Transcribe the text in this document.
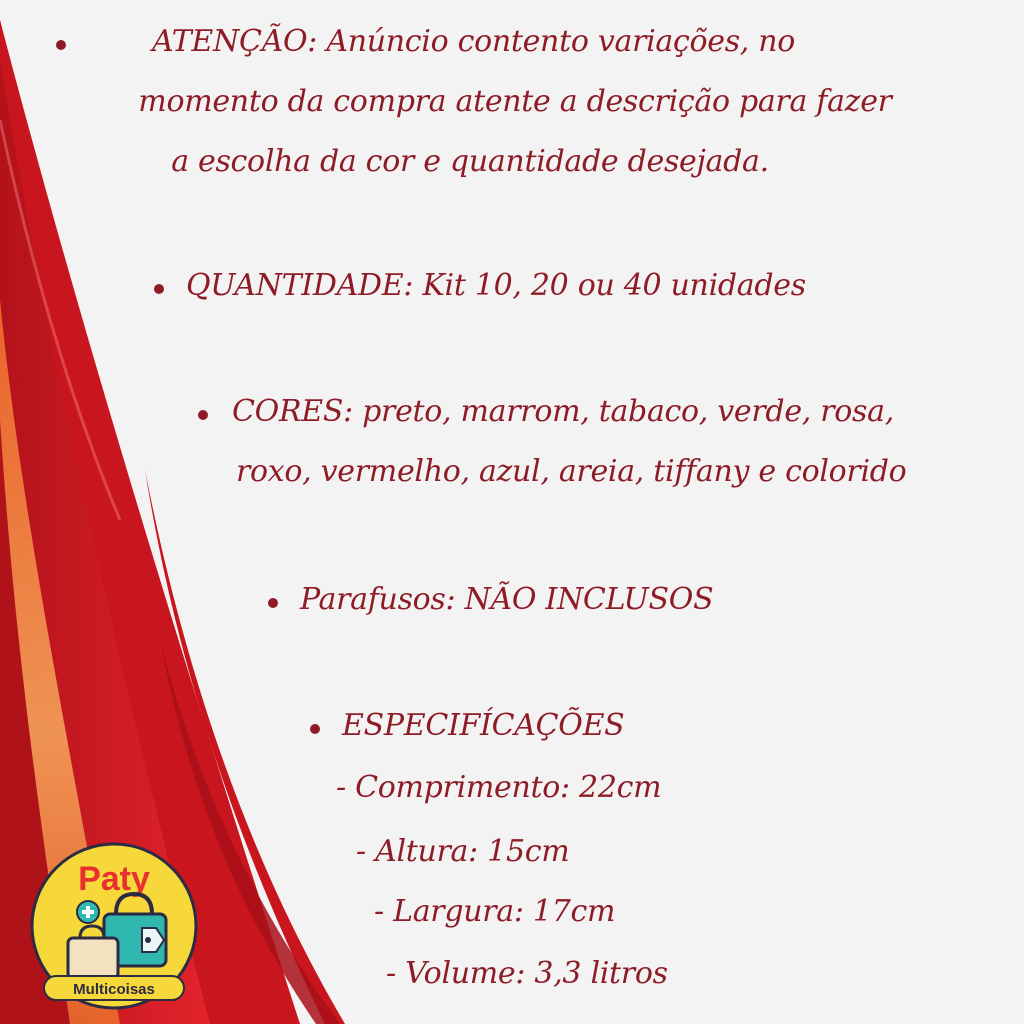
ATENÇÃO: Anúncio contento variações, no
momento da compra atente a descrição para fazer
a escolha da cor e quantidade desejada.
QUANTIDADE: Kit 10, 20 ou 40 unidades
CORES: preto, marrom, tabaco, verde, rosa,
roxo, vermelho, azul, areia, tiffany e colorido
Parafusos: NÃO INCLUSOS
ESPECIFÍCAÇÕES
- Comprimento: 22cm
- Altura: 15cm
- Largura: 17cm
- Volume: 3,3 litros
Paty
Multicoisas
